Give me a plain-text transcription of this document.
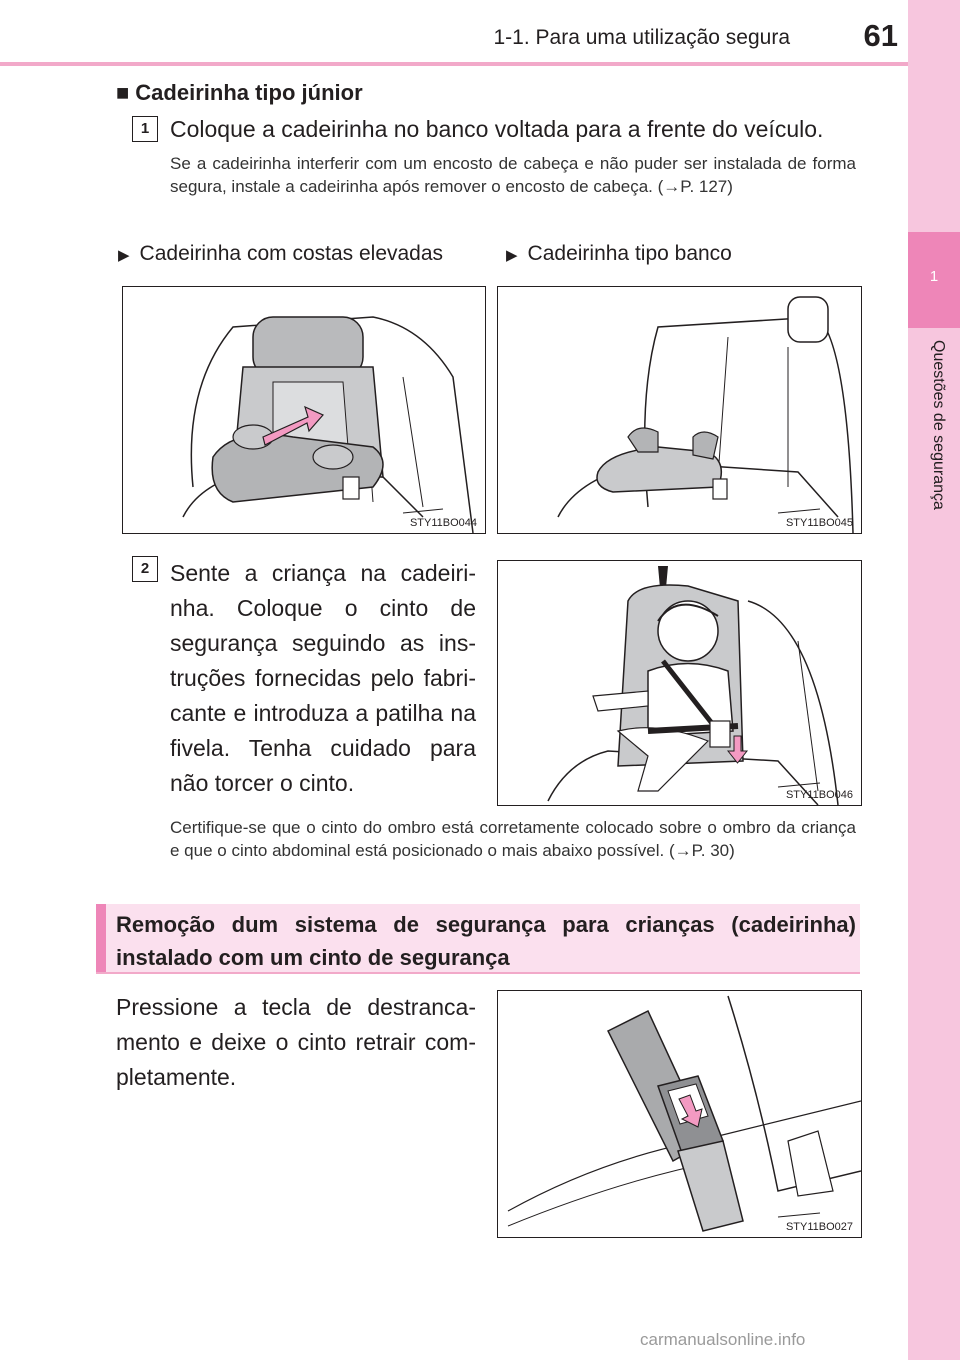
1-1. Para uma utilização segura	61
1
Questões de segurança
■ Cadeirinha tipo júnior
1 Coloque a cadeirinha no banco voltada para a frente do veículo.
Se a cadeirinha interferir com um encosto de cabeça e não puder ser instalada de forma segura, instale a cadeirinha após remover o encosto de cabeça. (→P. 127)
▶ Cadeirinha com costas elevadas	▶ Cadeirinha tipo banco
STY11BO044	STY11BO045
2 Sente a criança na cadeiri-nha. Coloque o cinto de segurança seguindo as ins-truções fornecidas pelo fabri-cante e introduza a patilha na fivela. Tenha cuidado para não torcer o cinto.	STY11BO046
Certifique-se que o cinto do ombro está corretamente colocado sobre o ombro da criança e que o cinto abdominal está posicionado o mais abaixo possível. (→P. 30)
Remoção dum sistema de segurança para crianças (cadeirinha) instalado com um cinto de segurança
Pressione a tecla de destranca-mento e deixe o cinto retrair com-pletamente.
STY11BO027
carmanualsonline.info
